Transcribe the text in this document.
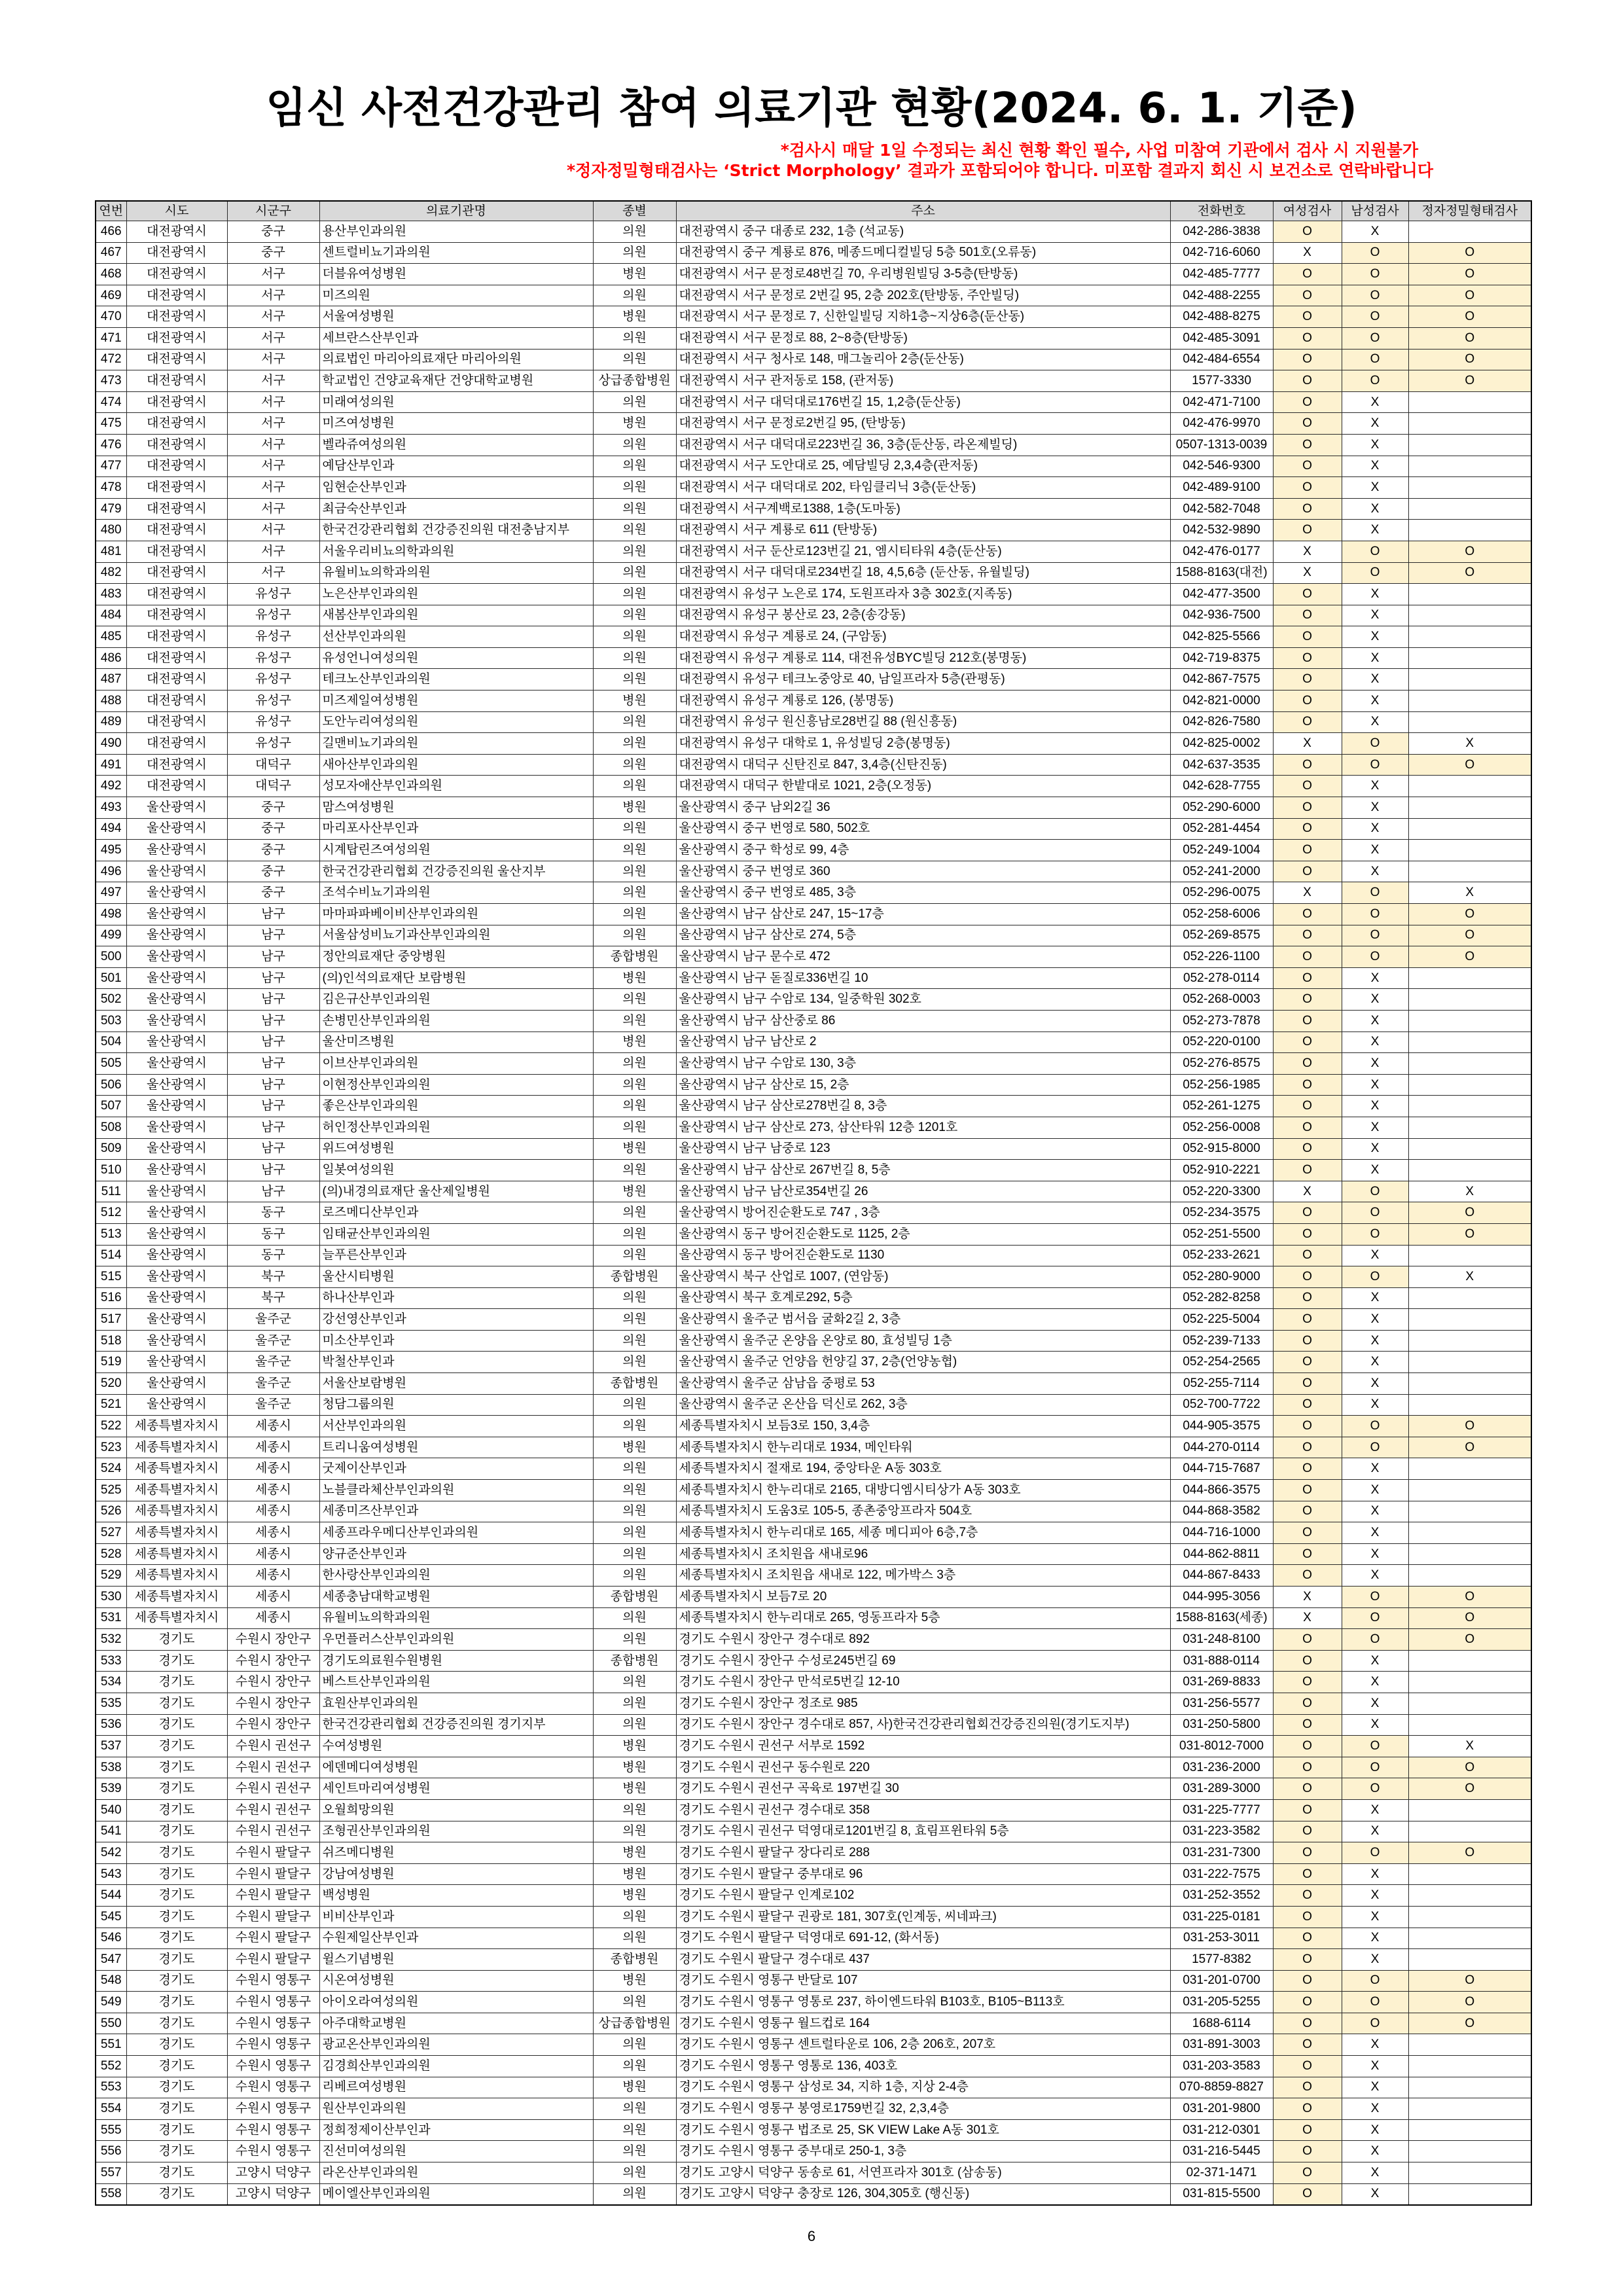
임신 사전건강관리 참여 의료기관 현황(2024. 6. 1. 기준)
*검사시 매달 1일 수정되는 최신 현황 확인 필수, 사업 미참여 기관에서 검사 시 지원불가
*정자정밀형태검사는 ‘Strict Morphology’ 결과가 포함되어야 합니다. 미포함 결과지 회신 시 보건소로 연락바랍니다
연번	시도	시군구	의료기관명	종별	주소	전화번호	여성검사	남성검사	정자정밀형태검사
466	대전광역시	중구	용산부인과의원	의원	대전광역시 중구 대종로 232, 1층 (석교동)	042-286-3838	O	X	
467	대전광역시	중구	센트럴비뇨기과의원	의원	대전광역시 중구 계룡로 876, 메종드메디컬빌딩 5층 501호(오류동)	042-716-6060	X	O	O
468	대전광역시	서구	더블유여성병원	병원	대전광역시 서구 문정로48번길 70, 우리병원빌딩 3-5층(탄방동)	042-485-7777	O	O	O
469	대전광역시	서구	미즈의원	의원	대전광역시 서구 문정로 2번길 95, 2층 202호(탄방동, 주안빌딩)	042-488-2255	O	O	O
470	대전광역시	서구	서울여성병원	병원	대전광역시 서구 문정로 7, 신한일빌딩 지하1층~지상6층(둔산동)	042-488-8275	O	O	O
471	대전광역시	서구	세브란스산부인과	의원	대전광역시 서구 문정로 88, 2~8층(탄방동)	042-485-3091	O	O	O
472	대전광역시	서구	의료법인 마리아의료재단 마리아의원	의원	대전광역시 서구 청사로 148, 매그놀리아 2층(둔산동)	042-484-6554	O	O	O
473	대전광역시	서구	학교법인 건양교육재단 건양대학교병원	상급종합병원	대전광역시 서구 관저동로 158, (관저동)	1577-3330	O	O	O
474	대전광역시	서구	미래여성의원	의원	대전광역시 서구 대덕대로176번길 15, 1,2층(둔산동)	042-471-7100	O	X	
475	대전광역시	서구	미즈여성병원	병원	대전광역시 서구 문정로2번길 95, (탄방동)	042-476-9970	O	X	
476	대전광역시	서구	벨라쥬여성의원	의원	대전광역시 서구 대덕대로223번길 36, 3층(둔산동, 라온제빌딩)	0507-1313-0039	O	X	
477	대전광역시	서구	예담산부인과	의원	대전광역시 서구 도안대로 25, 예담빌딩 2,3,4층(관저동)	042-546-9300	O	X	
478	대전광역시	서구	임현순산부인과	의원	대전광역시 서구 대덕대로 202, 타임클리닉 3층(둔산동)	042-489-9100	O	X	
479	대전광역시	서구	최금숙산부인과	의원	대전광역시 서구계백로1388, 1층(도마동)	042-582-7048	O	X	
480	대전광역시	서구	한국건강관리협회 건강증진의원 대전충남지부	의원	대전광역시 서구 계룡로 611 (탄방동)	042-532-9890	O	X	
481	대전광역시	서구	서울우리비뇨의학과의원	의원	대전광역시 서구 둔산로123번길 21, 엠시티타워 4층(둔산동)	042-476-0177	X	O	O
482	대전광역시	서구	유월비뇨의학과의원	의원	대전광역시 서구 대덕대로234번길 18, 4,5,6층 (둔산동, 유월빌딩)	1588-8163(대전)	X	O	O
483	대전광역시	유성구	노은산부인과의원	의원	대전광역시 유성구 노은로 174, 도원프라자 3층 302호(지족동)	042-477-3500	O	X	
484	대전광역시	유성구	새봄산부인과의원	의원	대전광역시 유성구 봉산로 23, 2층(송강동)	042-936-7500	O	X	
485	대전광역시	유성구	선산부인과의원	의원	대전광역시 유성구 계룡로 24, (구암동)	042-825-5566	O	X	
486	대전광역시	유성구	유성언니여성의원	의원	대전광역시 유성구 계룡로 114, 대전유성BYC빌딩 212호(봉명동)	042-719-8375	O	X	
487	대전광역시	유성구	테크노산부인과의원	의원	대전광역시 유성구 테크노중앙로 40, 남일프라자 5층(관평동)	042-867-7575	O	X	
488	대전광역시	유성구	미즈제일여성병원	병원	대전광역시 유성구 계룡로 126, (봉명동)	042-821-0000	O	X	
489	대전광역시	유성구	도안누리여성의원	의원	대전광역시 유성구 원신흥남로28번길 88 (원신흥동)	042-826-7580	O	X	
490	대전광역시	유성구	길맨비뇨기과의원	의원	대전광역시 유성구 대학로 1, 유성빌딩 2층(봉명동)	042-825-0002	X	O	X
491	대전광역시	대덕구	새아산부인과의원	의원	대전광역시 대덕구 신탄진로 847, 3,4층(신탄진동)	042-637-3535	O	O	O
492	대전광역시	대덕구	성모자애산부인과의원	의원	대전광역시 대덕구 한밭대로 1021, 2층(오정동)	042-628-7755	O	X	
493	울산광역시	중구	맘스여성병원	병원	울산광역시 중구 남외2길 36	052-290-6000	O	X	
494	울산광역시	중구	마리포사산부인과	의원	울산광역시 중구 번영로 580, 502호	052-281-4454	O	X	
495	울산광역시	중구	시계탑린즈여성의원	의원	울산광역시 중구 학성로 99, 4층	052-249-1004	O	X	
496	울산광역시	중구	한국건강관리협회 건강증진의원 울산지부	의원	울산광역시 중구 번영로 360	052-241-2000	O	X	
497	울산광역시	중구	조석수비뇨기과의원	의원	울산광역시 중구 번영로 485, 3층	052-296-0075	X	O	X
498	울산광역시	남구	마마파파베이비산부인과의원	의원	울산광역시 남구 삼산로 247, 15~17층	052-258-6006	O	O	O
499	울산광역시	남구	서울삼성비뇨기과산부인과의원	의원	울산광역시 남구 삼산로 274, 5층	052-269-8575	O	O	O
500	울산광역시	남구	정안의료재단 중앙병원	종합병원	울산광역시 남구 문수로 472	052-226-1100	O	O	O
501	울산광역시	남구	(의)인석의료재단 보람병원	병원	울산광역시 남구 돋질로336번길 10	052-278-0114	O	X	
502	울산광역시	남구	김은규산부인과의원	의원	울산광역시 남구 수암로 134, 일중학원 302호	052-268-0003	O	X	
503	울산광역시	남구	손병민산부인과의원	의원	울산광역시 남구 삼산중로 86	052-273-7878	O	X	
504	울산광역시	남구	울산미즈병원	병원	울산광역시 남구 남산로 2	052-220-0100	O	X	
505	울산광역시	남구	이브산부인과의원	의원	울산광역시 남구 수암로 130, 3층	052-276-8575	O	X	
506	울산광역시	남구	이현정산부인과의원	의원	울산광역시 남구 삼산로 15, 2층	052-256-1985	O	X	
507	울산광역시	남구	좋은산부인과의원	의원	울산광역시 남구 삼산로278번길 8, 3층	052-261-1275	O	X	
508	울산광역시	남구	허인정산부인과의원	의원	울산광역시 남구 삼산로 273, 삼산타워 12층 1201호	052-256-0008	O	X	
509	울산광역시	남구	위드여성병원	병원	울산광역시 남구 남중로 123	052-915-8000	O	X	
510	울산광역시	남구	일봇여성의원	의원	울산광역시 남구 삼산로 267번길 8, 5층	052-910-2221	O	X	
511	울산광역시	남구	(의)내경의료재단 울산제일병원	병원	울산광역시 남구 남산로354번길 26	052-220-3300	X	O	X
512	울산광역시	동구	로즈메디산부인과	의원	울산광역시 방어진순환도로 747 , 3층	052-234-3575	O	O	O
513	울산광역시	동구	임태균산부인과의원	의원	울산광역시 동구 방어진순환도로 1125, 2층	052-251-5500	O	O	O
514	울산광역시	동구	늘푸른산부인과	의원	울산광역시 동구 방어진순환도로 1130	052-233-2621	O	X	
515	울산광역시	북구	울산시티병원	종합병원	울산광역시 북구 산업로 1007, (연암동)	052-280-9000	O	O	X
516	울산광역시	북구	하나산부인과	의원	울산광역시 북구 호계로292, 5층	052-282-8258	O	X	
517	울산광역시	울주군	강선영산부인과	의원	울산광역시 울주군 범서읍 굴화2길 2, 3층	052-225-5004	O	X	
518	울산광역시	울주군	미소산부인과	의원	울산광역시 울주군 온양읍 온양로 80, 효성빌딩 1층	052-239-7133	O	X	
519	울산광역시	울주군	박철산부인과	의원	울산광역시 울주군 언양읍 헌양길 37, 2층(언양농협)	052-254-2565	O	X	
520	울산광역시	울주군	서울산보람병원	종합병원	울산광역시 울주군 삼남읍 중평로 53	052-255-7114	O	X	
521	울산광역시	울주군	청담그룹의원	의원	울산광역시 울주군 온산읍 덕신로 262, 3층	052-700-7722	O	X	
522	세종특별자치시	세종시	서산부인과의원	의원	세종특별자치시 보듬3로 150, 3,4층	044-905-3575	O	O	O
523	세종특별자치시	세종시	트리니움여성병원	병원	세종특별자치시 한누리대로 1934, 메인타워	044-270-0114	O	O	O
524	세종특별자치시	세종시	굿제이산부인과	의원	세종특별자치시 절재로 194, 중앙타운 A동 303호	044-715-7687	O	X	
525	세종특별자치시	세종시	노블클라체산부인과의원	의원	세종특별자치시 한누리대로 2165, 대방디엠시티상가 A동 303호	044-866-3575	O	X	
526	세종특별자치시	세종시	세종미즈산부인과	의원	세종특별자치시 도움3로 105-5, 종촌중앙프라자 504호	044-868-3582	O	X	
527	세종특별자치시	세종시	세종프라우메디산부인과의원	의원	세종특별자치시 한누리대로 165, 세종 메디피아 6층,7층	044-716-1000	O	X	
528	세종특별자치시	세종시	양규준산부인과	의원	세종특별자치시 조치원읍 새내로96	044-862-8811	O	X	
529	세종특별자치시	세종시	한사랑산부인과의원	의원	세종특별자치시 조치원읍 새내로 122, 메가박스 3층	044-867-8433	O	X	
530	세종특별자치시	세종시	세종충남대학교병원	종합병원	세종특별자치시 보듬7로 20	044-995-3056	X	O	O
531	세종특별자치시	세종시	유월비뇨의학과의원	의원	세종특별자치시 한누리대로 265, 영동프라자 5층	1588-8163(세종)	X	O	O
532	경기도	수원시 장안구	우먼플러스산부인과의원	의원	경기도 수원시 장안구 경수대로 892	031-248-8100	O	O	O
533	경기도	수원시 장안구	경기도의료원수원병원	종합병원	경기도 수원시 장안구 수성로245번길 69	031-888-0114	O	X	
534	경기도	수원시 장안구	베스트산부인과의원	의원	경기도 수원시 장안구 만석로5번길 12-10	031-269-8833	O	X	
535	경기도	수원시 장안구	효원산부인과의원	의원	경기도 수원시 장안구 정조로 985	031-256-5577	O	X	
536	경기도	수원시 장안구	한국건강관리협회 건강증진의원 경기지부	의원	경기도 수원시 장안구 경수대로 857, 사)한국건강관리협회건강증진의원(경기도지부)	031-250-5800	O	X	
537	경기도	수원시 권선구	수여성병원	병원	경기도 수원시 권선구 서부로 1592	031-8012-7000	O	O	X
538	경기도	수원시 권선구	에덴메디여성병원	병원	경기도 수원시 권선구 동수원로 220	031-236-2000	O	O	O
539	경기도	수원시 권선구	세인트마리여성병원	병원	경기도 수원시 권선구 곡육로 197번길 30	031-289-3000	O	O	O
540	경기도	수원시 권선구	오월희망의원	의원	경기도 수원시 권선구 경수대로 358	031-225-7777	O	X	
541	경기도	수원시 권선구	조형권산부인과의원	의원	경기도 수원시 권선구 덕영대로1201번길 8, 효림프윈타워 5층	031-223-3582	O	X	
542	경기도	수원시 팔달구	쉬즈메디병원	병원	경기도 수원시 팔달구 장다리로 288	031-231-7300	O	O	O
543	경기도	수원시 팔달구	강남여성병원	병원	경기도 수원시 팔달구 중부대로 96	031-222-7575	O	X	
544	경기도	수원시 팔달구	백성병원	병원	경기도 수원시 팔달구 인계로102	031-252-3552	O	X	
545	경기도	수원시 팔달구	비비산부인과	의원	경기도 수원시 팔달구 권광로 181, 307호(인계동, 씨네파크)	031-225-0181	O	X	
546	경기도	수원시 팔달구	수원제일산부인과	의원	경기도 수원시 팔달구 덕영대로 691-12, (화서동)	031-253-3011	O	X	
547	경기도	수원시 팔달구	윌스기념병원	종합병원	경기도 수원시 팔달구 경수대로 437	1577-8382	O	X	
548	경기도	수원시 영통구	시온여성병원	병원	경기도 수원시 영통구 반달로 107	031-201-0700	O	O	O
549	경기도	수원시 영통구	아이오라여성의원	의원	경기도 수원시 영통구 영통로 237, 하이엔드타워 B103호, B105~B113호	031-205-5255	O	O	O
550	경기도	수원시 영통구	아주대학교병원	상급종합병원	경기도 수원시 영통구 월드컵로 164	1688-6114	O	O	O
551	경기도	수원시 영통구	광교온산부인과의원	의원	경기도 수원시 영통구 센트럴타운로 106, 2층 206호, 207호	031-891-3003	O	X	
552	경기도	수원시 영통구	김경희산부인과의원	의원	경기도 수원시 영통구 영통로 136, 403호	031-203-3583	O	X	
553	경기도	수원시 영통구	리베르여성병원	병원	경기도 수원시 영통구 삼성로 34, 지하 1층, 지상 2-4층	070-8859-8827	O	X	
554	경기도	수원시 영통구	원산부인과의원	의원	경기도 수원시 영통구 봉영로1759번길 32, 2,3,4층	031-201-9800	O	X	
555	경기도	수원시 영통구	정희정제이산부인과	의원	경기도 수원시 영통구 법조로 25, SK VIEW Lake A동 301호	031-212-0301	O	X	
556	경기도	수원시 영통구	진선미여성의원	의원	경기도 수원시 영통구 중부대로 250-1, 3층	031-216-5445	O	X	
557	경기도	고양시 덕양구	라온산부인과의원	의원	경기도 고양시 덕양구 동송로 61, 서연프라자 301호 (삼송동)	02-371-1471	O	X	
558	경기도	고양시 덕양구	메이엘산부인과의원	의원	경기도 고양시 덕양구 충장로 126, 304,305호 (행신동)	031-815-5500	O	X	
6
